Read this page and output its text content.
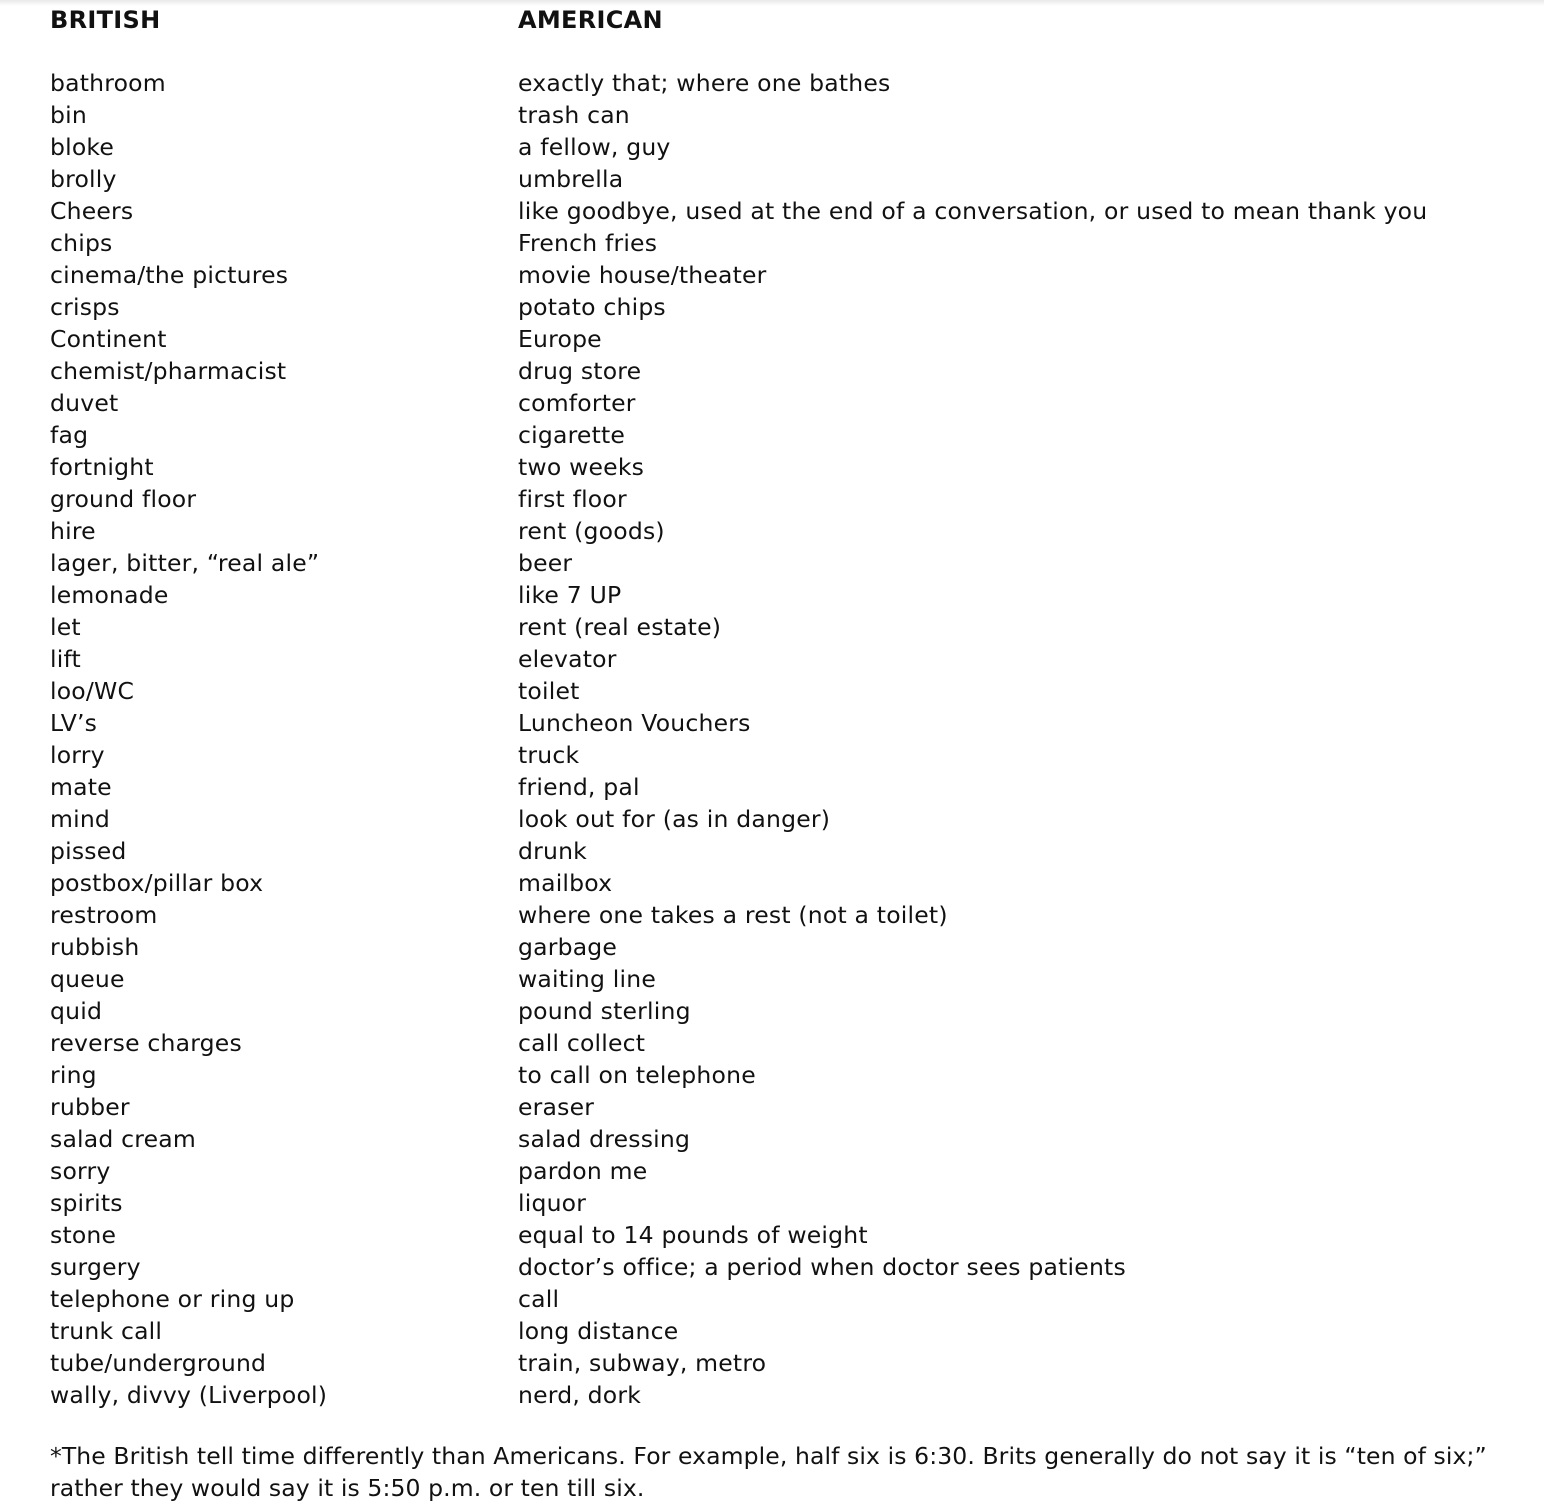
BRITISH	AMERICAN
bathroom	exactly that; where one bathes
bin	trash can
bloke	a fellow, guy
brolly	umbrella
Cheers	like goodbye, used at the end of a conversation, or used to mean thank you
chips	French fries
cinema/the pictures	movie house/theater
crisps	potato chips
Continent	Europe
chemist/pharmacist	drug store
duvet	comforter
fag	cigarette
fortnight	two weeks
ground floor	first floor
hire	rent (goods)
lager, bitter, “real ale”	beer
lemonade	like 7 UP
let	rent (real estate)
lift	elevator
loo/WC	toilet
LV’s	Luncheon Vouchers
lorry	truck
mate	friend, pal
mind	look out for (as in danger)
pissed	drunk
postbox/pillar box	mailbox
restroom	where one takes a rest (not a toilet)
rubbish	garbage
queue	waiting line
quid	pound sterling
reverse charges	call collect
ring	to call on telephone
rubber	eraser
salad cream	salad dressing
sorry	pardon me
spirits	liquor
stone	equal to 14 pounds of weight
surgery	doctor’s office; a period when doctor sees patients
telephone or ring up	call
trunk call	long distance
tube/underground	train, subway, metro
wally, divvy (Liverpool)	nerd, dork
*The British tell time differently than Americans. For example, half six is 6:30. Brits generally do not say it is “ten of six;” rather they would say it is 5:50 p.m. or ten till six.
